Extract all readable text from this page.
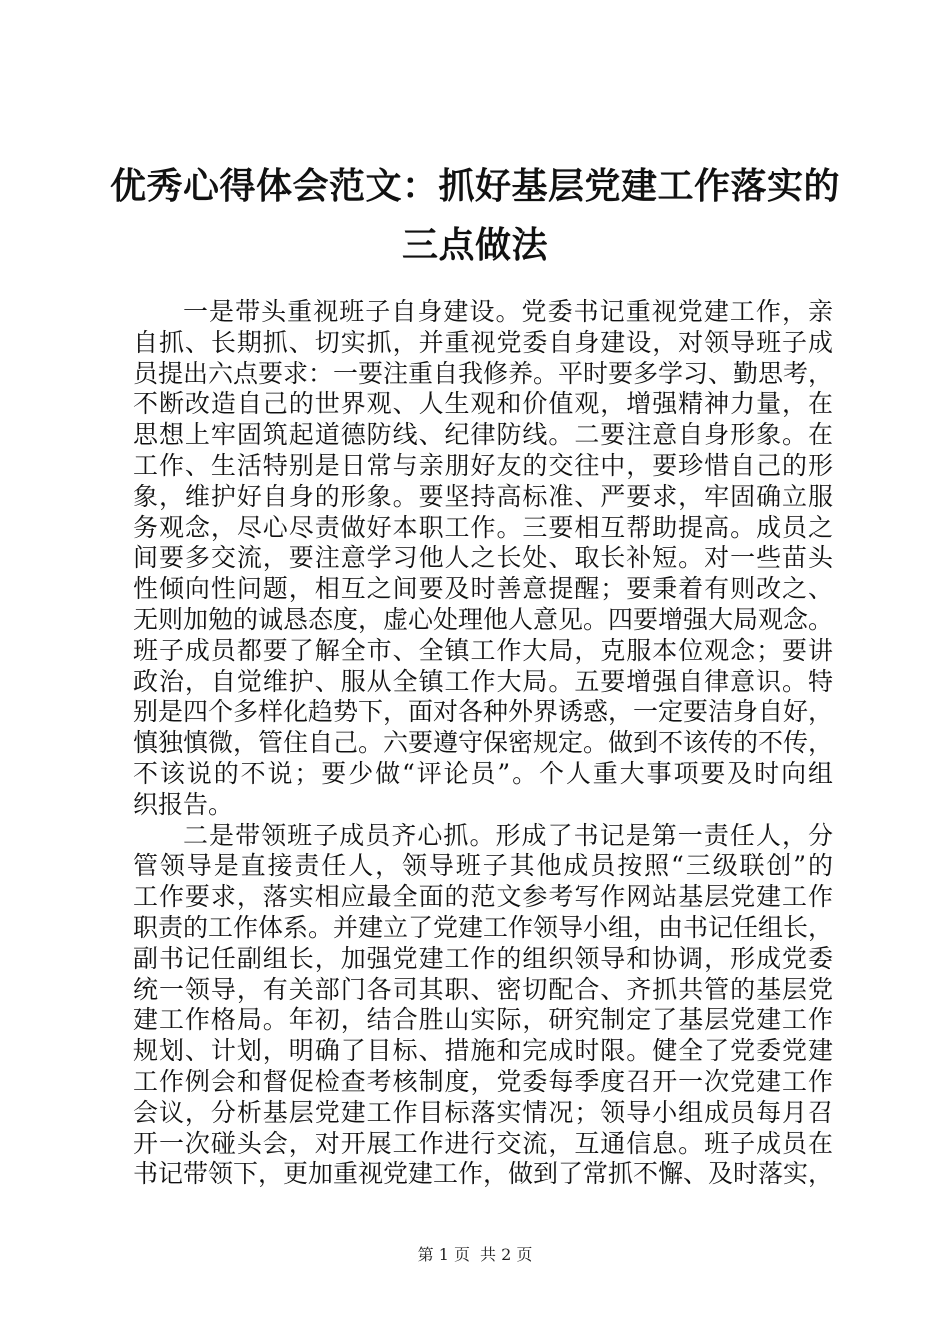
优秀心得体会范文：抓好基层党建工作落实的
三点做法
一是带头重视班子自身建设。党委书记重视党建工作，亲
自抓、长期抓、切实抓，并重视党委自身建设，对领导班子成
员提出六点要求：一要注重自我修养。平时要多学习、勤思考，
不断改造自己的世界观、人生观和价值观，增强精神力量，在
思想上牢固筑起道德防线、纪律防线。二要注意自身形象。在
工作、生活特别是日常与亲朋好友的交往中，要珍惜自己的形
象，维护好自身的形象。要坚持高标准、严要求，牢固确立服
务观念，尽心尽责做好本职工作。三要相互帮助提高。成员之
间要多交流，要注意学习他人之长处、取长补短。对一些苗头
性倾向性问题，相互之间要及时善意提醒；要秉着有则改之、
无则加勉的诚恳态度，虚心处理他人意见。四要增强大局观念。
班子成员都要了解全市、全镇工作大局，克服本位观念；要讲
政治，自觉维护、服从全镇工作大局。五要增强自律意识。特
别是四个多样化趋势下，面对各种外界诱惑，一定要洁身自好，
慎独慎微，管住自己。六要遵守保密规定。做到不该传的不传，
不该说的不说；要少做“评论员”。个人重大事项要及时向组
织报告。
二是带领班子成员齐心抓。形成了书记是第一责任人，分
管领导是直接责任人，领导班子其他成员按照“三级联创”的
工作要求，落实相应最全面的范文参考写作网站基层党建工作
职责的工作体系。并建立了党建工作领导小组，由书记任组长，
副书记任副组长，加强党建工作的组织领导和协调，形成党委
统一领导，有关部门各司其职、密切配合、齐抓共管的基层党
建工作格局。年初，结合胜山实际，研究制定了基层党建工作
规划、计划，明确了目标、措施和完成时限。健全了党委党建
工作例会和督促检查考核制度，党委每季度召开一次党建工作
会议，分析基层党建工作目标落实情况；领导小组成员每月召
开一次碰头会，对开展工作进行交流，互通信息。班子成员在
书记带领下，更加重视党建工作，做到了常抓不懈、及时落实，
第 1 页 共 2 页
